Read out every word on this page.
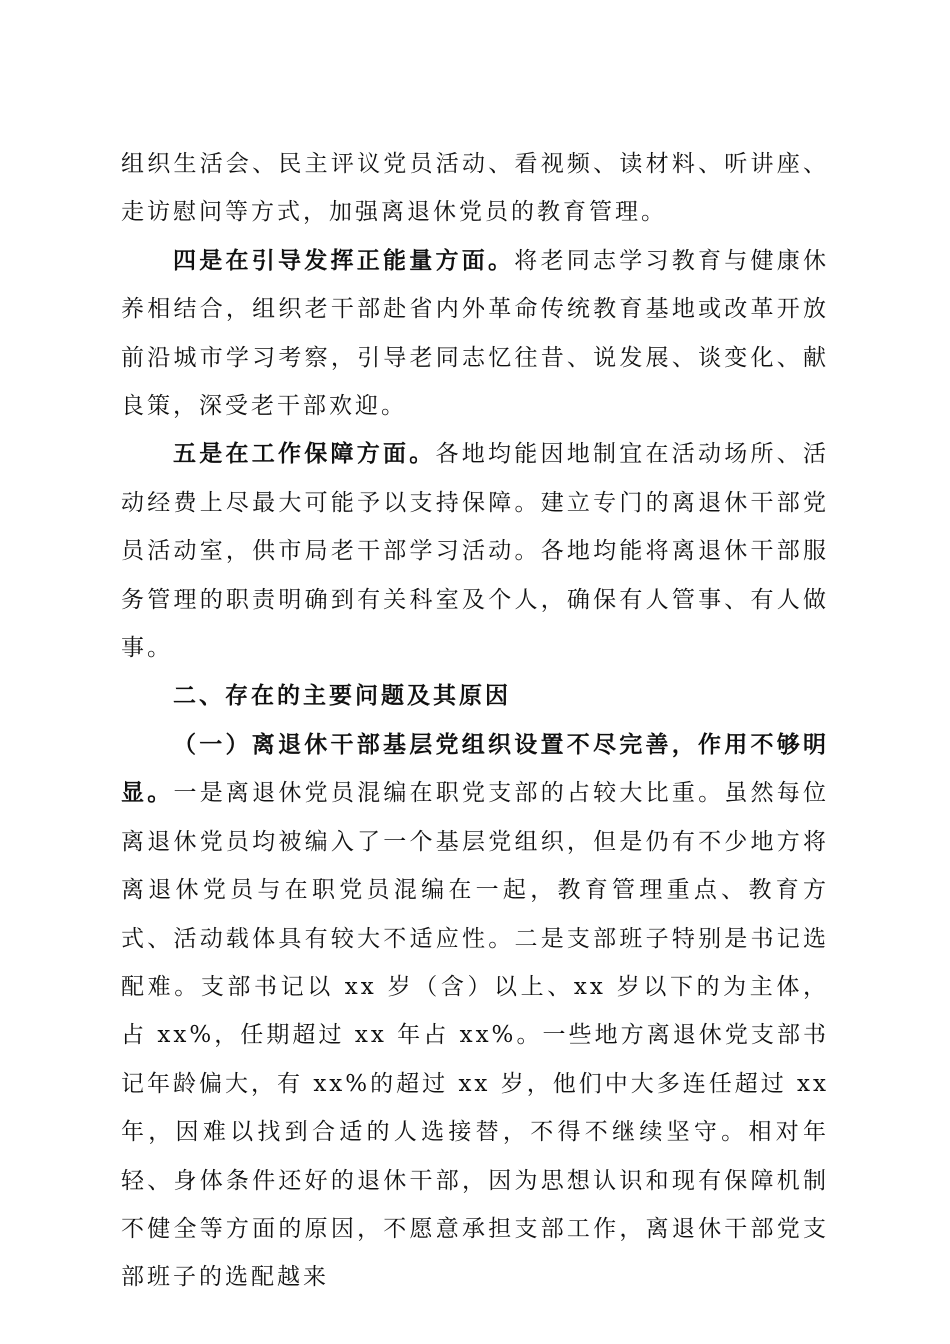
组织生活会、民主评议党员活动、看视频、读材料、听讲座、走访慰问等方式，加强离退休党员的教育管理。

四是在引导发挥正能量方面。将老同志学习教育与健康休养相结合，组织老干部赴省内外革命传统教育基地或改革开放前沿城市学习考察，引导老同志忆往昔、说发展、谈变化、献良策，深受老干部欢迎。

五是在工作保障方面。各地均能因地制宜在活动场所、活动经费上尽最大可能予以支持保障。建立专门的离退休干部党员活动室，供市局老干部学习活动。各地均能将离退休干部服务管理的职责明确到有关科室及个人，确保有人管事、有人做事。

二、存在的主要问题及其原因

（一）离退休干部基层党组织设置不尽完善，作用不够明显。一是离退休党员混编在职党支部的占较大比重。虽然每位离退休党员均被编入了一个基层党组织，但是仍有不少地方将离退休党员与在职党员混编在一起，教育管理重点、教育方式、活动载体具有较大不适应性。二是支部班子特别是书记选配难。支部书记以 xx 岁（含）以上、xx 岁以下的为主体，占 xx%，任期超过 xx 年占 xx%。一些地方离退休党支部书记年龄偏大，有 xx%的超过 xx 岁，他们中大多连任超过 xx 年，因难以找到合适的人选接替，不得不继续坚守。相对年轻、身体条件还好的退休干部，因为思想认识和现有保障机制不健全等方面的原因，不愿意承担支部工作，离退休干部党支部班子的选配越来
